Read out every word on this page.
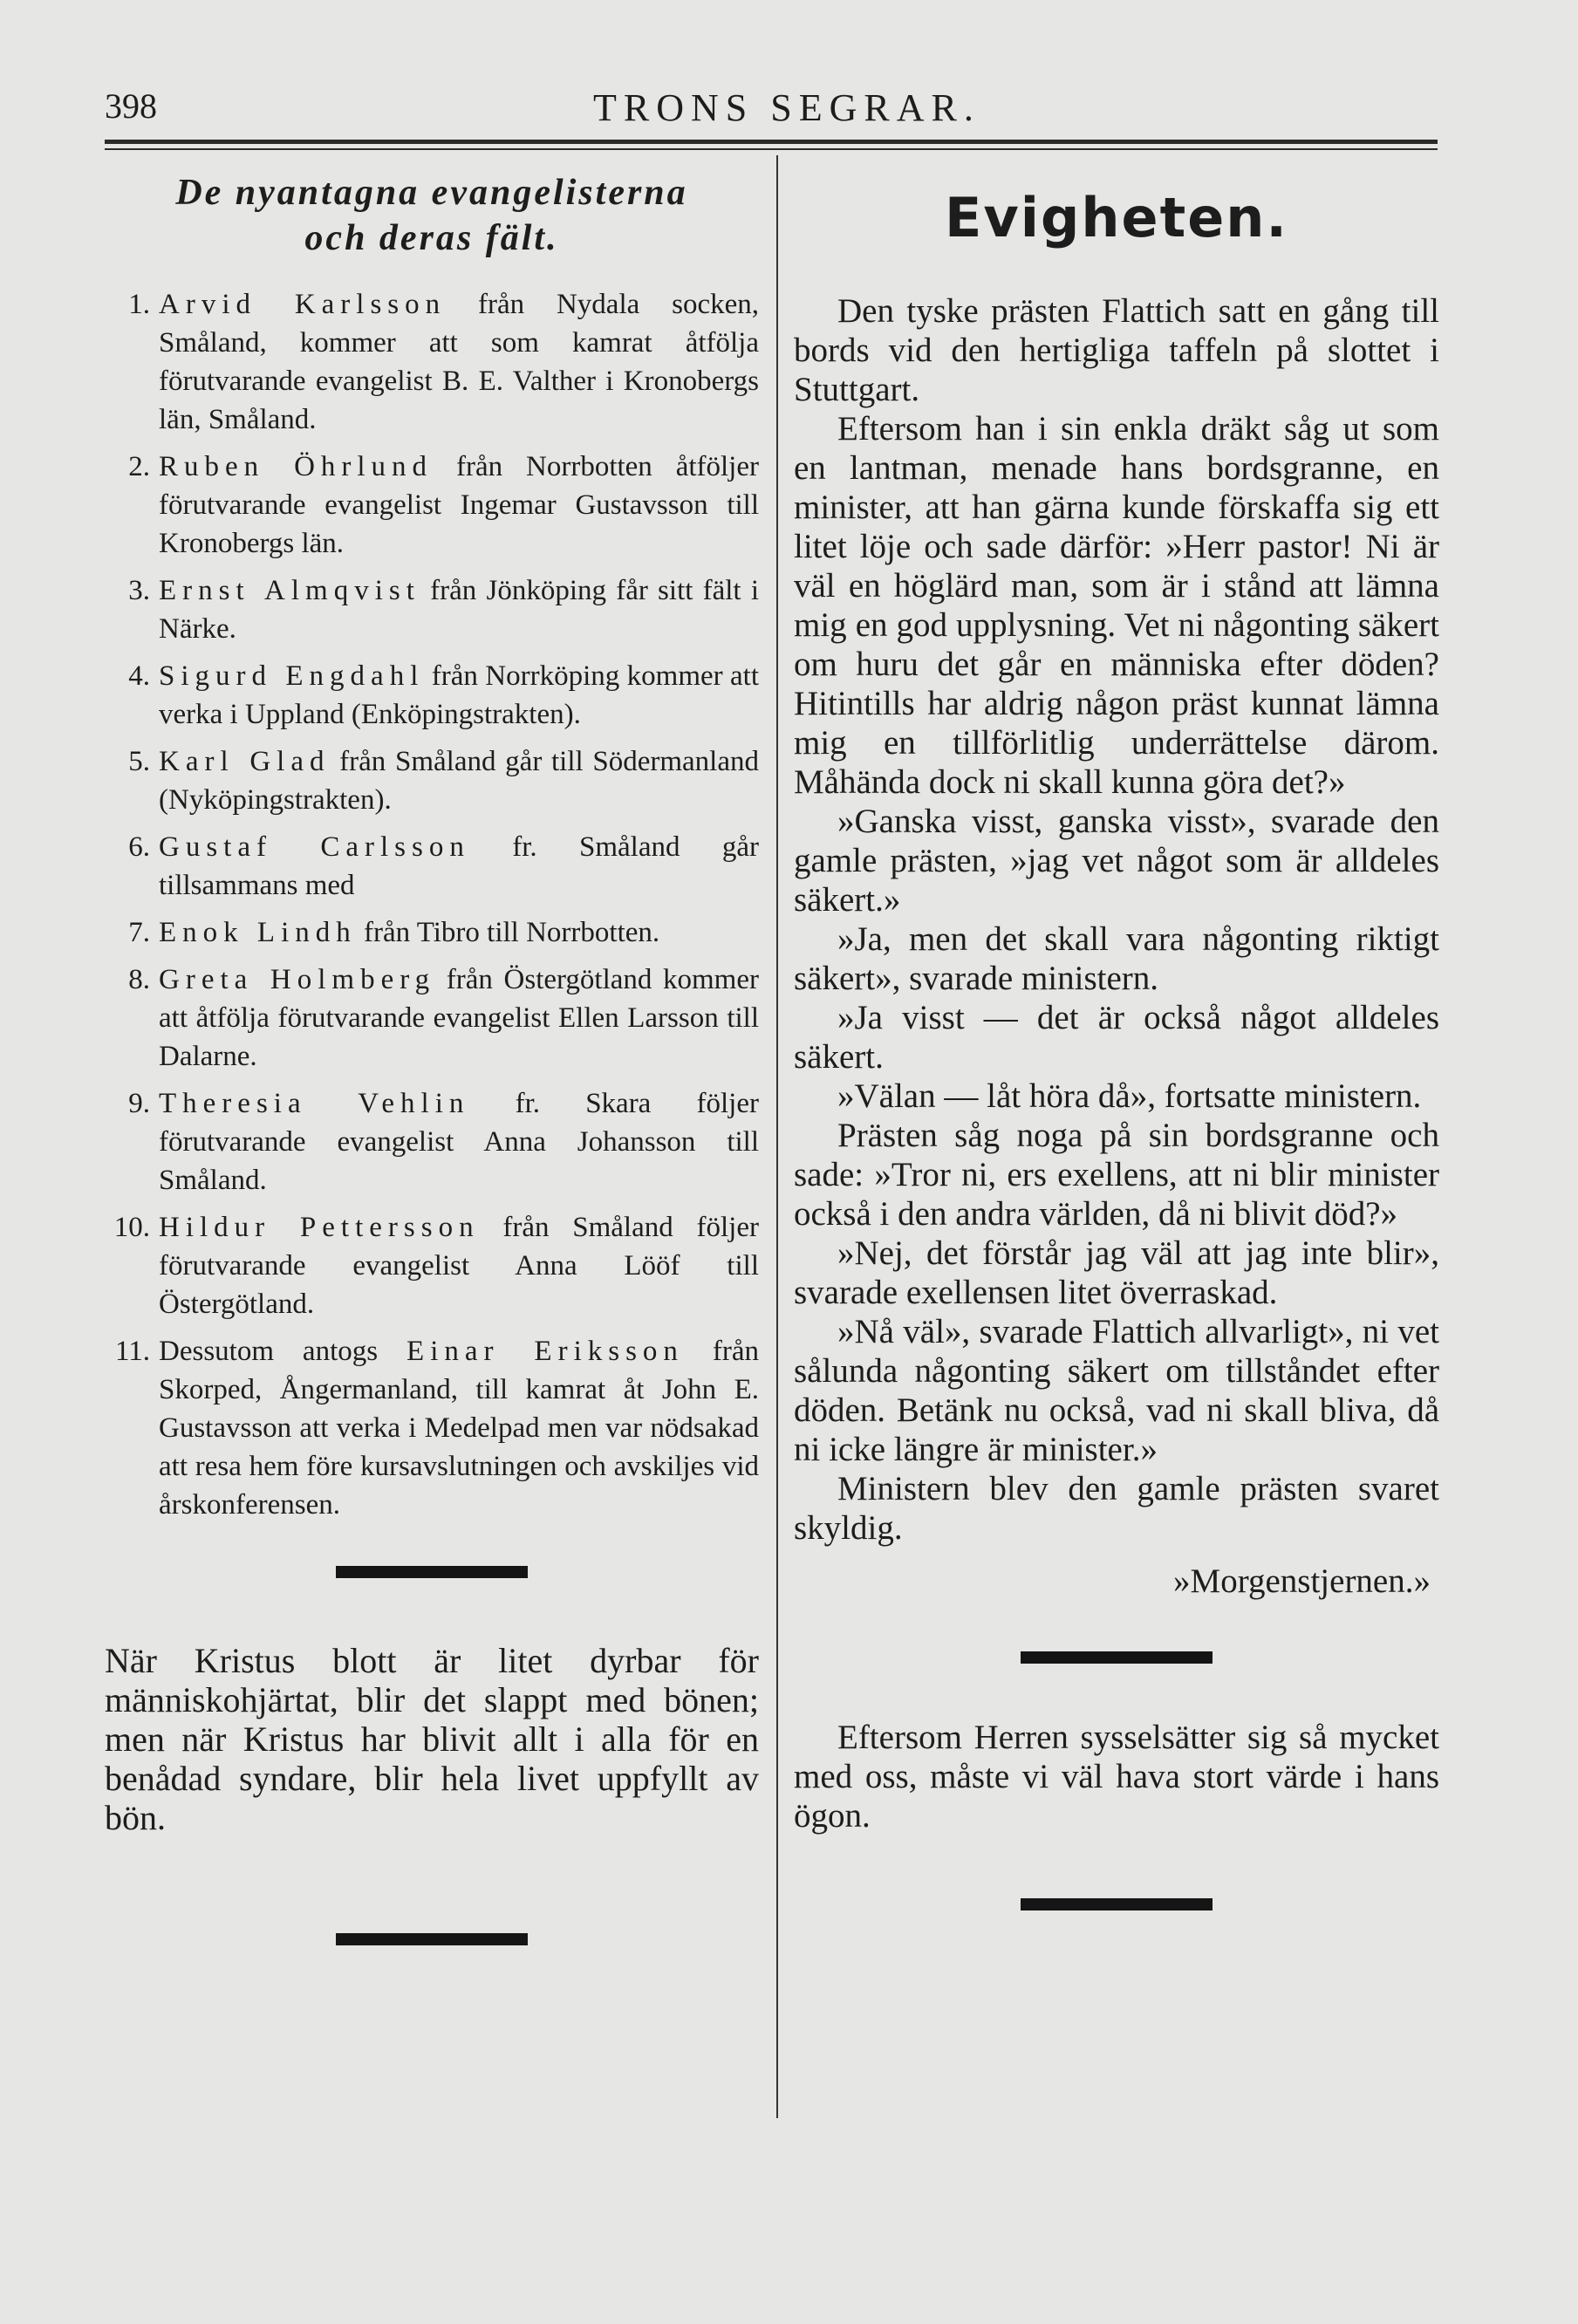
398	TRONS SEGRAR.
De nyantagna evangelisterna
och deras fält.
1. Arvid Karlsson från Nydala socken, Småland, kommer att som kamrat åtfölja förutvarande evangelist B. E. Valther i Kronobergs län, Småland.
2. Ruben Öhrlund från Norrbotten åtföljer förutvarande evangelist Ingemar Gustavsson till Kronobergs län.
3. Ernst Almqvist från Jönköping får sitt fält i Närke.
4. Sigurd Engdahl från Norrköping kommer att verka i Uppland (Enköpingstrakten).
5. Karl Glad från Småland går till Södermanland (Nyköpingstrakten).
6. Gustaf Carlsson fr. Småland går tillsammans med
7. Enok Lindh från Tibro till Norrbotten.
8. Greta Holmberg från Östergötland kommer att åtfölja förutvarande evangelist Ellen Larsson till Dalarne.
9. Theresia Vehlin fr. Skara följer förutvarande evangelist Anna Johansson till Småland.
10. Hildur Pettersson från Småland följer förutvarande evangelist Anna Lööf till Östergötland.
11. Dessutom antogs Einar Eriksson från Skorped, Ångermanland, till kamrat åt John E. Gustavsson att verka i Medelpad men var nödsakad att resa hem före kursavslutningen och avskiljes vid årskonferensen.

När Kristus blott är litet dyrbar för människohjärtat, blir det slappt med bönen; men när Kristus har blivit allt i alla för en benådad syndare, blir hela livet uppfyllt av bön.

Evigheten.

Den tyske prästen Flattich satt en gång till bords vid den hertigliga taffeln på slottet i Stuttgart.

Eftersom han i sin enkla dräkt såg ut som en lantman, menade hans bordsgranne, en minister, att han gärna kunde förskaffa sig ett litet löje och sade därför: »Herr pastor! Ni är väl en höglärd man, som är i stånd att lämna mig en god upplysning. Vet ni någonting säkert om huru det går en människa efter döden? Hitintills har aldrig någon präst kunnat lämna mig en tillförlitlig underrättelse därom. Måhända dock ni skall kunna göra det?»

»Ganska visst, ganska visst», svarade den gamle prästen, »jag vet något som är alldeles säkert.»

»Ja, men det skall vara någonting riktigt säkert», svarade ministern.

»Ja visst — det är också något alldeles säkert.

»Välan — låt höra då», fortsatte ministern.

Prästen såg noga på sin bordsgranne och sade: »Tror ni, ers exellens, att ni blir minister också i den andra världen, då ni blivit död?»

»Nej, det förstår jag väl att jag inte blir», svarade exellensen litet överraskad.

»Nå väl», svarade Flattich allvarligt», ni vet sålunda någonting säkert om tillståndet efter döden. Betänk nu också, vad ni skall bliva, då ni icke längre är minister.»

Ministern blev den gamle prästen svaret skyldig.

»Morgenstjernen.»

Eftersom Herren sysselsätter sig så mycket med oss, måste vi väl hava stort värde i hans ögon.
